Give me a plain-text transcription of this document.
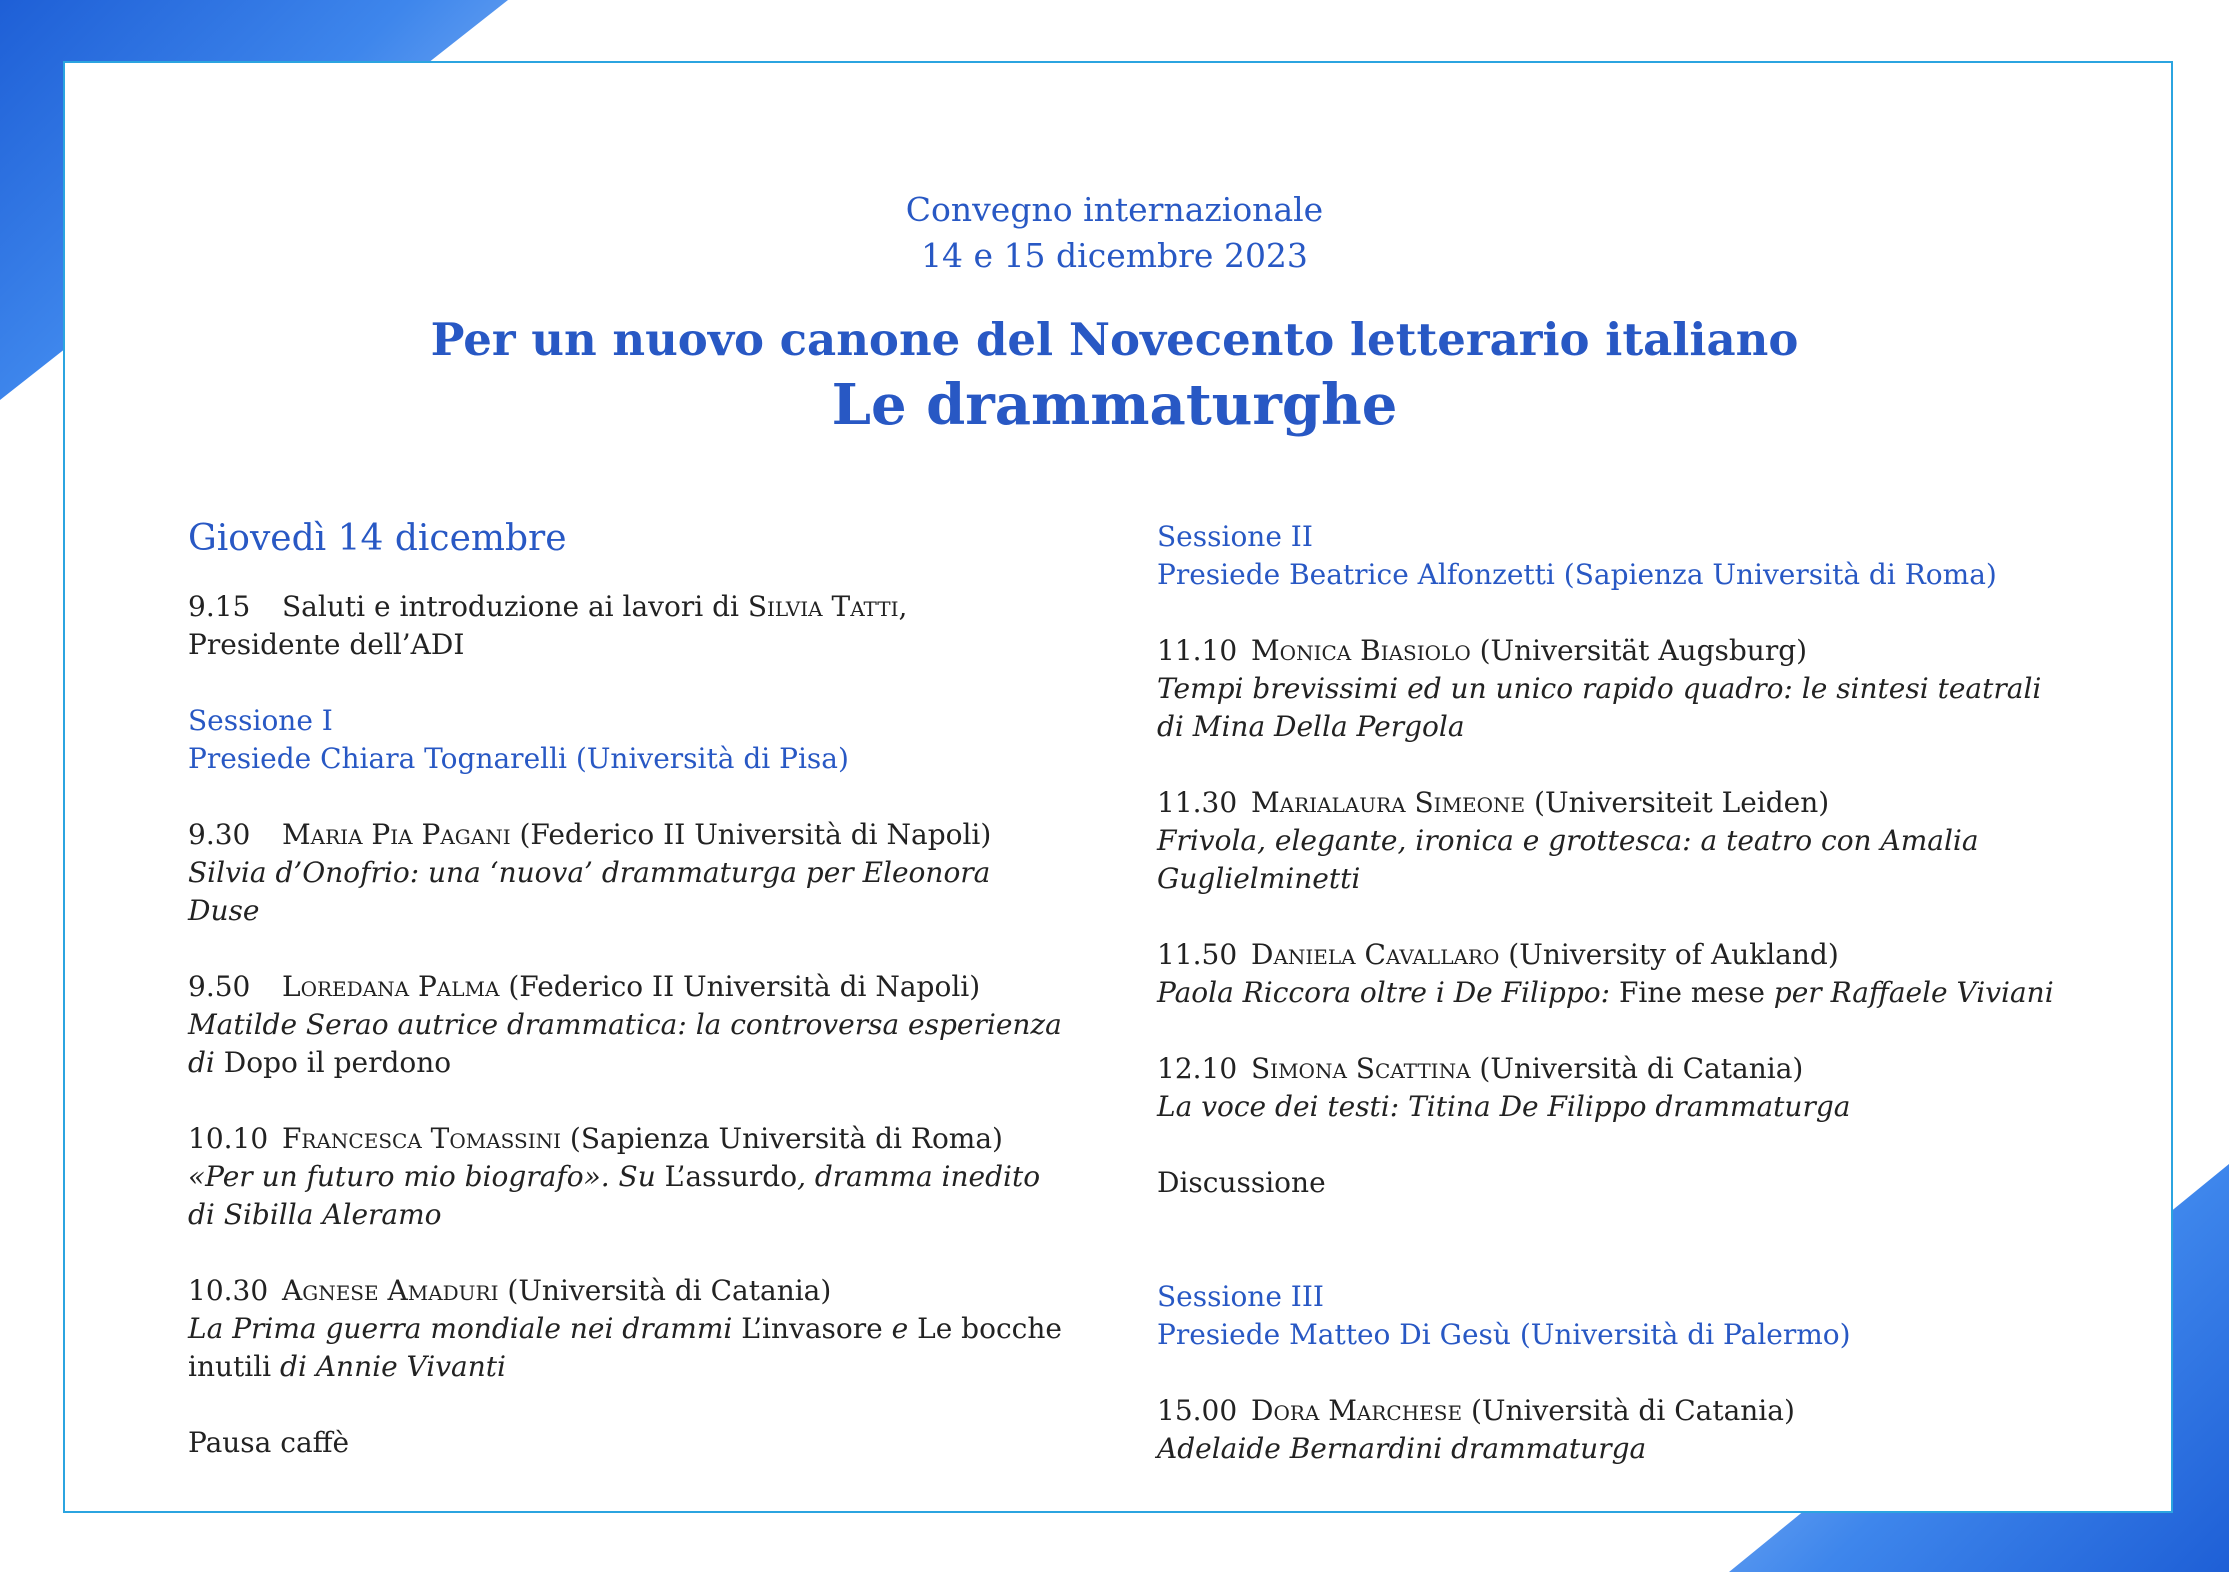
Convegno internazionale
14 e 15 dicembre 2023
Per un nuovo canone del Novecento letterario italiano
Le drammaturghe
Giovedì 14 dicembre
9.15 Saluti e introduzione ai lavori di Silvia Tatti, Presidente dell’ADI
Sessione I
Presiede Chiara Tognarelli (Università di Pisa)
9.30 Maria Pia Pagani (Federico II Università di Napoli)
Silvia d’Onofrio: una ‘nuova’ drammaturga per Eleonora Duse
9.50 Loredana Palma (Federico II Università di Napoli)
Matilde Serao autrice drammatica: la controversa esperienza di Dopo il perdono
10.10 Francesca Tomassini (Sapienza Università di Roma)
«Per un futuro mio biografo». Su L’assurdo, dramma inedito di Sibilla Aleramo
10.30 Agnese Amaduri (Università di Catania)
La Prima guerra mondiale nei drammi L’invasore e Le bocche inutili di Annie Vivanti
Pausa caffè
Sessione II
Presiede Beatrice Alfonzetti (Sapienza Università di Roma)
11.10 Monica Biasiolo (Universität Augsburg)
Tempi brevissimi ed un unico rapido quadro: le sintesi teatrali di Mina Della Pergola
11.30 Marialaura Simeone (Universiteit Leiden)
Frivola, elegante, ironica e grottesca: a teatro con Amalia Guglielminetti
11.50 Daniela Cavallaro (University of Aukland)
Paola Riccora oltre i De Filippo: Fine mese per Raffaele Viviani
12.10 Simona Scattina (Università di Catania)
La voce dei testi: Titina De Filippo drammaturga
Discussione
Sessione III
Presiede Matteo Di Gesù (Università di Palermo)
15.00 Dora Marchese (Università di Catania)
Adelaide Bernardini drammaturga
